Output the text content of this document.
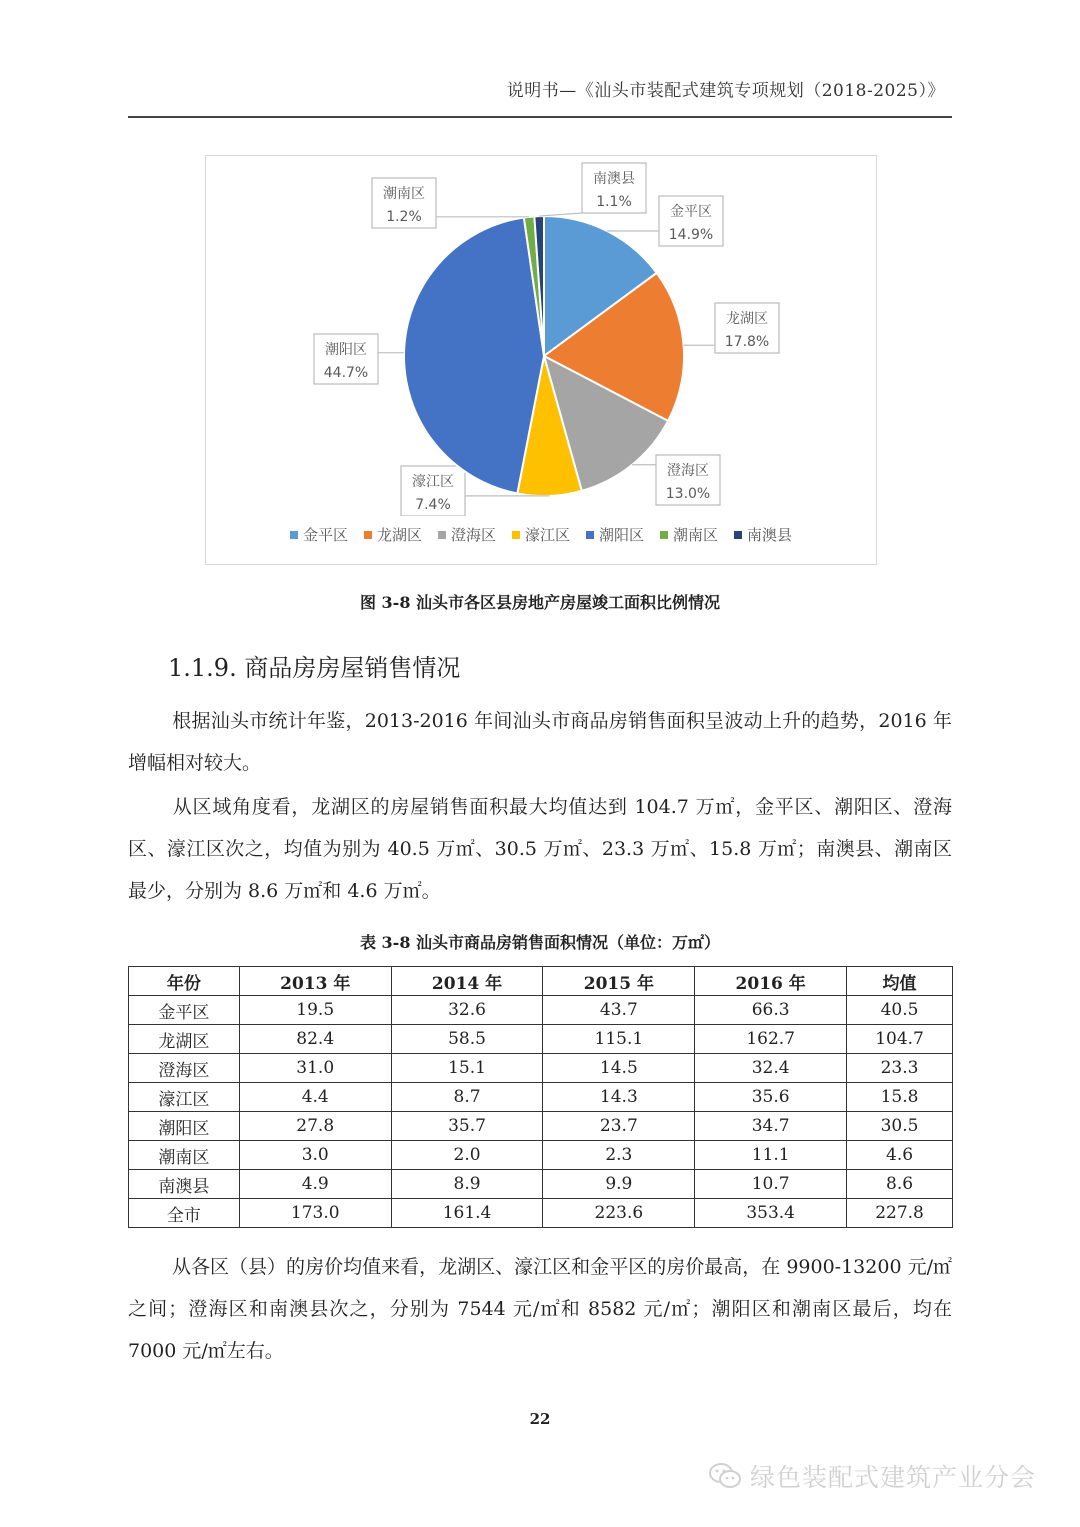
说明书—《汕头市装配式建筑专项规划（2018-2025）》
金平区
14.9%
龙湖区
17.8%
澄海区
13.0%
濠江区
7.4%
潮阳区
44.7%
潮南区
1.2%
南澳县
1.1%
金平区 龙湖区 澄海区 濠江区 潮阳区 潮南区 南澳县
图 3-8 汕头市各区县房地产房屋竣工面积比例情况
1.1.9. 商品房房屋销售情况
根据汕头市统计年鉴，2013-2016 年间汕头市商品房销售面积呈波动上升的趋势，2016 年增幅相对较大。
从区域角度看，龙湖区的房屋销售面积最大均值达到 104.7 万㎡，金平区、潮阳区、澄海区、濠江区次之，均值为别为 40.5 万㎡、30.5 万㎡、23.3 万㎡、15.8 万㎡；南澳县、潮南区最少，分别为 8.6 万㎡和 4.6 万㎡。
表 3-8 汕头市商品房销售面积情况（单位：万㎡）
年份	2013 年	2014 年	2015 年	2016 年	均值
金平区	19.5	32.6	43.7	66.3	40.5
龙湖区	82.4	58.5	115.1	162.7	104.7
澄海区	31.0	15.1	14.5	32.4	23.3
濠江区	4.4	8.7	14.3	35.6	15.8
潮阳区	27.8	35.7	23.7	34.7	30.5
潮南区	3.0	2.0	2.3	11.1	4.6
南澳县	4.9	8.9	9.9	10.7	8.6
全市	173.0	161.4	223.6	353.4	227.8
从各区（县）的房价均值来看，龙湖区、濠江区和金平区的房价最高，在 9900-13200 元/㎡之间；澄海区和南澳县次之，分别为 7544 元/㎡和 8582 元/㎡；潮阳区和潮南区最后，均在 7000 元/㎡左右。
22
绿色装配式建筑产业分会
